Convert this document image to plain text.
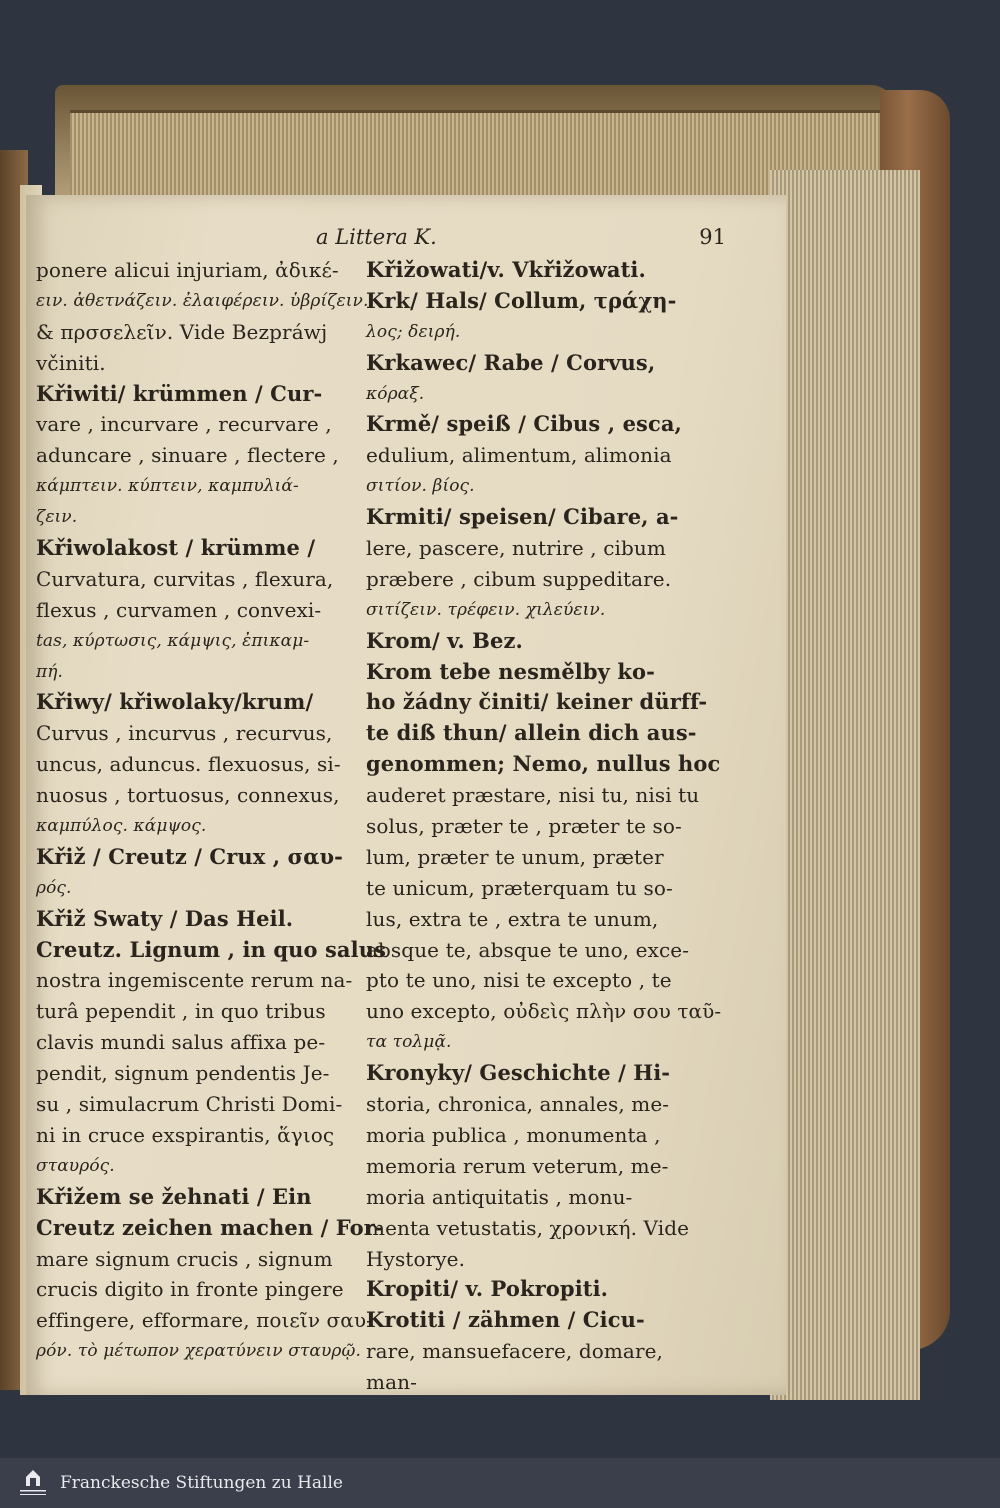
a Littera K.	91
ponere alicui injuriam, ἀδικέ-
ειν. ἀθετνάζειν. ἐλαιφέρειν. ὑβρίζειν.
& πρσσελεῖν. Vide Bezpráwj
včiniti.
Křiwiti/ krümmen / Cur-
vare , incurvare , recurvare ,
aduncare , sinuare , flectere ,
κάμπτειν. κύπτειν, καμπυλιά-
ζειν.
Křiwolakost / krümme /
Curvatura, curvitas , flexura,
flexus , curvamen , convexi-
tas, κύρτωσις, κάμψις, ἐπικαμ-
πή.
Křiwy/ křiwolaky/krum/
Curvus , incurvus , recurvus,
uncus, aduncus. flexuosus, si-
nuosus , tortuosus, connexus,
καμπύλος. κάμψος.
Křiž / Creutz / Crux , σαυ-
ρός.
Křiž Swaty / Das Heil.
Creutz. Lignum , in quo salus
nostra ingemiscente rerum na-
turâ pependit , in quo tribus
clavis mundi salus affixa pe-
pendit, signum pendentis Je-
su , simulacrum Christi Domi-
ni in cruce exspirantis, ἅγιος
σταυρός.
Křižem se žehnati / Ein
Creutz zeichen machen / For-
mare signum crucis , signum
crucis digito in fronte pingere
effingere, efformare, ποιεῖν σαυ-
ρόν. τὸ μέτωπον χερατύνειν σταυρῷ.
Křižowati/v. Vkřižowati.
Krk/ Hals/ Collum, τράχη-
λος; δειρή.
Krkawec/ Rabe / Corvus,
κόραξ.
Krmě/ speiß / Cibus , esca,
edulium, alimentum, alimonia
σιτίον. βίος.
Krmiti/ speisen/ Cibare, a-
lere, pascere, nutrire , cibum
præbere , cibum suppeditare.
σιτίζειν. τρέφειν. χιλεύειν.
Krom/ v. Bez.
Krom tebe nesmělby ko-
ho žádny činiti/ keiner dürff-
te diß thun/ allein dich aus-
genommen; Nemo, nullus hoc
auderet præstare, nisi tu, nisi tu
solus, præter te , præter te so-
lum, præter te unum, præter
te unicum, præterquam tu so-
lus, extra te , extra te unum,
absque te, absque te uno, exce-
pto te uno, nisi te excepto , te
uno excepto, οὐδεὶς πλὴν σου ταῦ-
τα τολμᾷ.
Kronyky/ Geschichte / Hi-
storia, chronica, annales, me-
moria publica , monumenta ,
memoria rerum veterum, me-
moria antiquitatis , monu-
menta vetustatis, χρονική. Vide
Hystorye.
Kropiti/ v. Pokropiti.
Krotiti / zähmen / Cicu-
rare, mansuefacere, domare,
man-
Franckesche Stiftungen zu Halle
